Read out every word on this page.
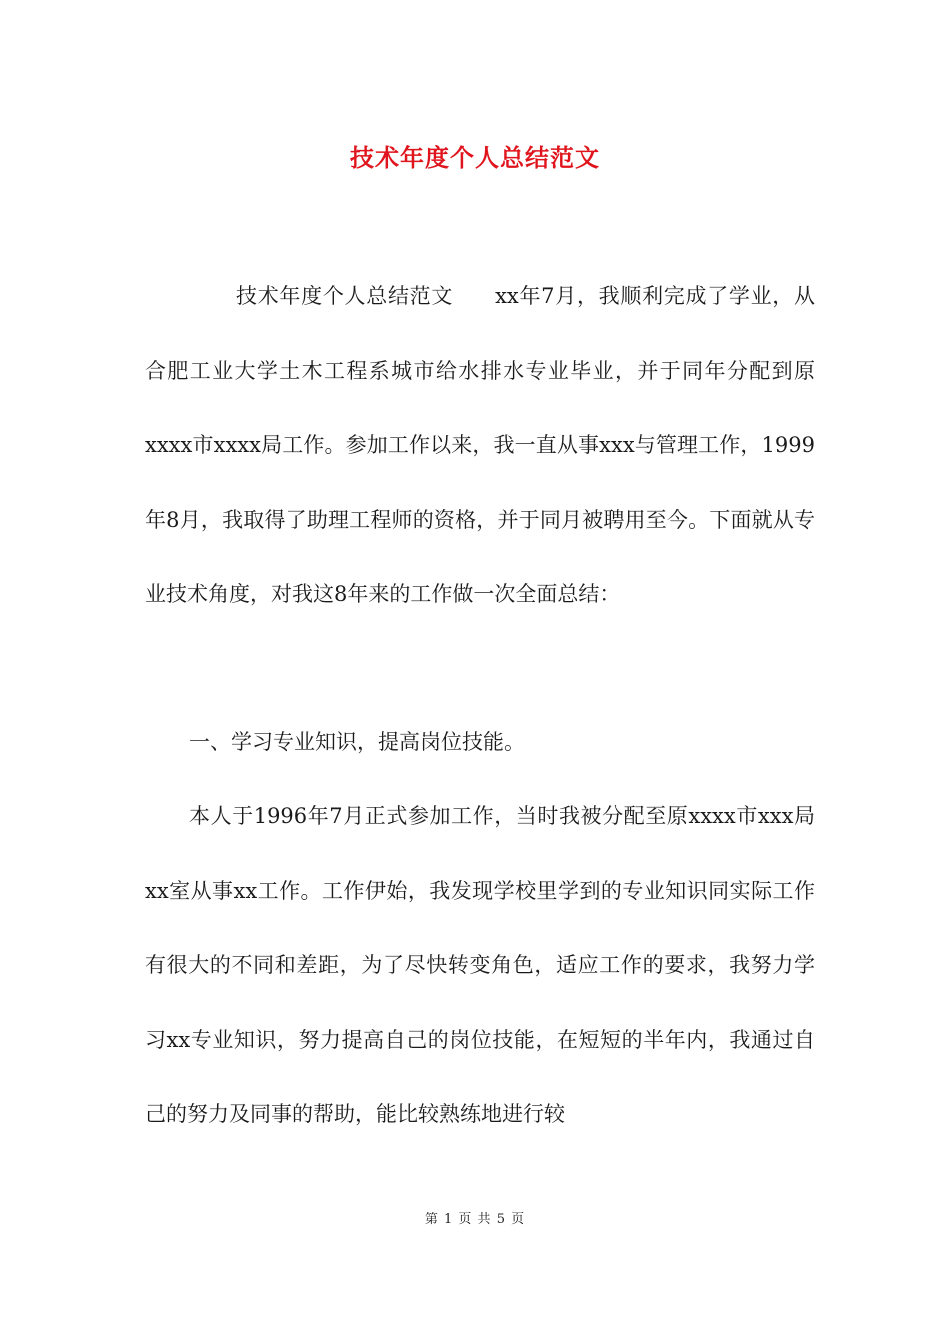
技术年度个人总结范文

技术年度个人总结范文 xx年7月，我顺利完成了学业，从合肥工业大学土木工程系城市给水排水专业毕业，并于同年分配到原xxxx市xxxx局工作。参加工作以来，我一直从事xxx与管理工作，1999年8月，我取得了助理工程师的资格，并于同月被聘用至今。下面就从专业技术角度，对我这8年来的工作做一次全面总结：

一、学习专业知识，提高岗位技能。

本人于1996年7月正式参加工作，当时我被分配至原xxxx市xxx局xx室从事xx工作。工作伊始，我发现学校里学到的专业知识同实际工作有很大的不同和差距，为了尽快转变角色，适应工作的要求，我努力学习xx专业知识，努力提高自己的岗位技能，在短短的半年内，我通过自己的努力及同事的帮助，能比较熟练地进行较

第 1 页 共 5 页
